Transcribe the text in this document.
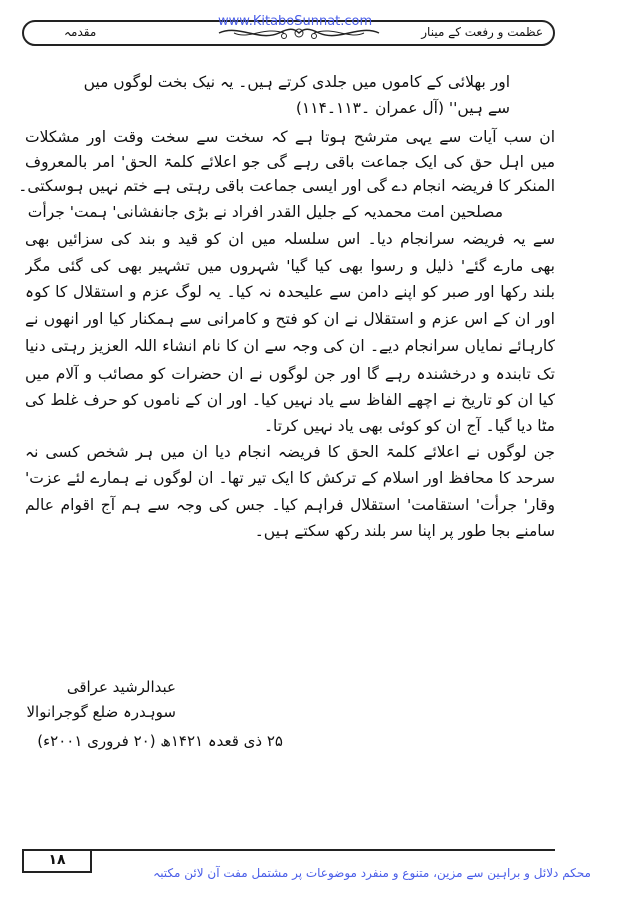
عظمت و رفعت کے مینار
مقدمہ
www.KitaboSunnat.com
اور بھلائی کے کاموں میں جلدی کرتے ہیں۔ یہ نیک بخت لوگوں میں
سے ہیں'' (آل عمران ۔۱۱۳۔۱۱۴)
ان سب آیات سے یہی مترشح ہوتا ہے کہ سخت سے سخت وقت اور مشکلات
میں اہل حق کی ایک جماعت باقی رہے گی جو اعلائے کلمۃ الحق' امر بالمعروف
المنکر کا فریضہ انجام دے گی اور ایسی جماعت باقی رہتی ہے ختم نہیں ہوسکتی۔
مصلحین امت محمدیہ کے جلیل القدر افراد نے بڑی جانفشانی' ہمت' جرأت
سے یہ فریضہ سرانجام دیا۔ اس سلسلہ میں ان کو قید و بند کی سزائیں بھی
بھی مارے گئے' ذلیل و رسوا بھی کیا گیا' شہروں میں تشہیر بھی کی گئی مگر
بلند رکھا اور صبر کو اپنے دامن سے علیحدہ نہ کیا۔ یہ لوگ عزم و استقلال کا کوہ
اور ان کے اس عزم و استقلال نے ان کو فتح و کامرانی سے ہمکنار کیا اور انھوں نے
کارہائے نمایاں سرانجام دیے۔ ان کی وجہ سے ان کا نام انشاء اللہ العزیز رہتی دنیا
تک تابندہ و درخشندہ رہے گا اور جن لوگوں نے ان حضرات کو مصائب و آلام میں
کیا ان کو تاریخ نے اچھے الفاظ سے یاد نہیں کیا۔ اور ان کے ناموں کو حرف غلط کی
مٹا دیا گیا۔ آج ان کو کوئی بھی یاد نہیں کرتا۔
جن لوگوں نے اعلائے کلمۃ الحق کا فریضہ انجام دیا ان میں ہر شخص کسی نہ
سرحد کا محافظ اور اسلام کے ترکش کا ایک تیر تھا۔ ان لوگوں نے ہمارے لئے عزت'
وقار' جرأت' استقامت' استقلال فراہم کیا۔ جس کی وجہ سے ہم آج اقوام عالم
سامنے بجا طور پر اپنا سر بلند رکھ سکتے ہیں۔
عبدالرشید عراقی
سوہدرہ ضلع گوجرانوالا
۲۵ ذی قعدہ ۱۴۲۱ھ (۲۰ فروری ۲۰۰۱ء)
۱۸
محکم دلائل و براہین سے مزین، متنوع و منفرد موضوعات پر مشتمل مفت آن لائن مکتبہ
